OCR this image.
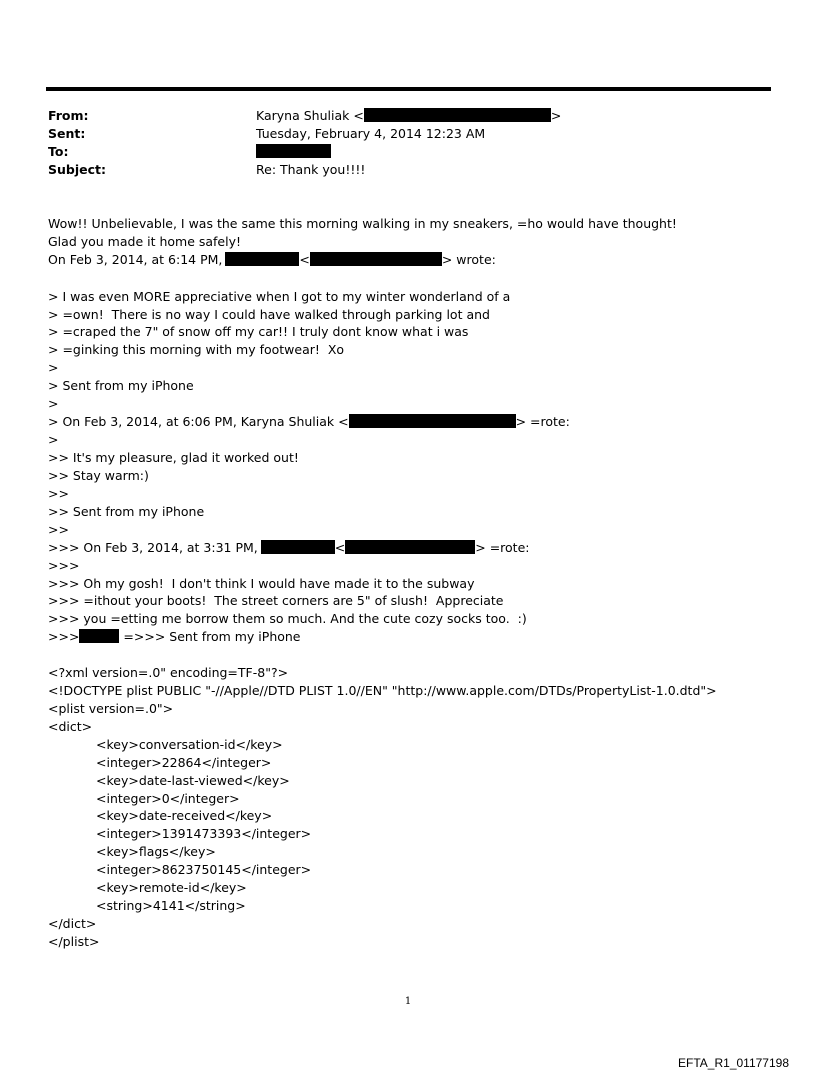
From:	Karyna Shuliak <	>
Sent:	Tuesday, February 4, 2014 12:23 AM
To:
Subject:	Re: Thank you!!!!
Wow!! Unbelievable, I was the same this morning walking in my sneakers, =ho would have thought!
Glad you made it home safely!
On Feb 3, 2014, at 6:14 PM,	<	> wrote:
> I was even MORE appreciative when I got to my winter wonderland of a
> =own!  There is no way I could have walked through parking lot and
> =craped the 7" of snow off my car!! I truly dont know what i was
> =ginking this morning with my footwear!  Xo
>
> Sent from my iPhone
>
> On Feb 3, 2014, at 6:06 PM, Karyna Shuliak <	> =rote:
>
>> It's my pleasure, glad it worked out!
>> Stay warm:)
>>
>> Sent from my iPhone
>>
>>> On Feb 3, 2014, at 3:31 PM,	<	> =rote:
>>>
>>> Oh my gosh!  I don't think I would have made it to the subway
>>> =ithout your boots!  The street corners are 5" of slush!  Appreciate
>>> you =etting me borrow them so much. And the cute cozy socks too.  :)
>>>	=>>> Sent from my iPhone
<?xml version=.0" encoding=TF-8"?>
<!DOCTYPE plist PUBLIC "-//Apple//DTD PLIST 1.0//EN" "http://www.apple.com/DTDs/PropertyList-1.0.dtd">
<plist version=.0">
<dict>
<key>conversation-id</key>
<integer>22864</integer>
<key>date-last-viewed</key>
<integer>0</integer>
<key>date-received</key>
<integer>1391473393</integer>
<key>flags</key>
<integer>8623750145</integer>
<key>remote-id</key>
<string>4141</string>
</dict>
</plist>
1
EFTA_R1_01177198
